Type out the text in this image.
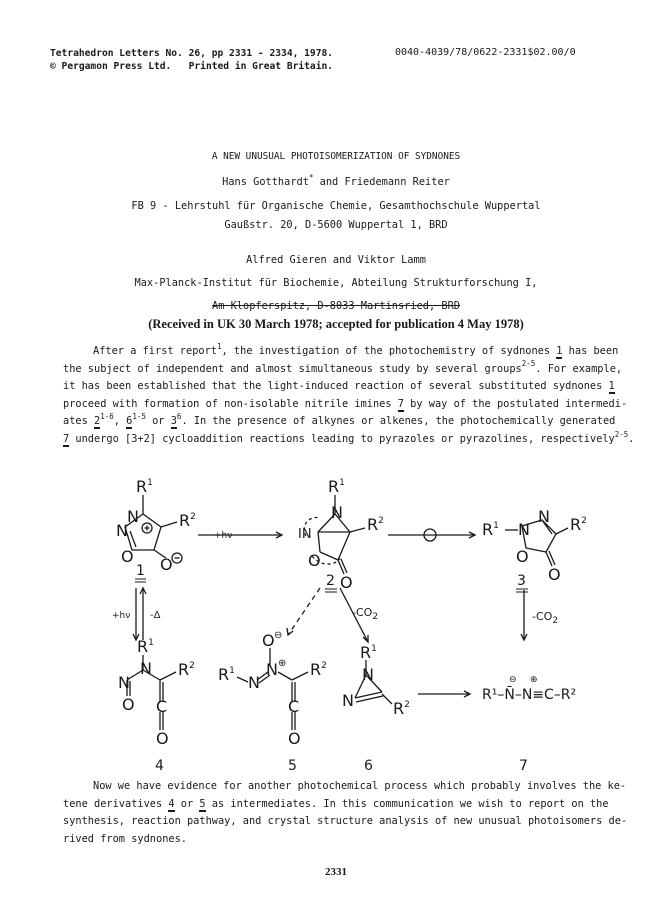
Tetrahedron Letters No. 26, pp 2331 - 2334, 1978.
© Pergamon Press Ltd. Printed in Great Britain.
0040-4039/78/0622-2331$02.00/0
A NEW UNUSUAL PHOTOISOMERIZATION OF SYDNONES
Hans Gotthardt* and Friedemann Reiter
FB 9 - Lehrstuhl für Organische Chemie, Gesamthochschule Wuppertal
Gaußstr. 20, D-5600 Wuppertal 1, BRD
Alfred Gieren and Viktor Lamm
Max-Planck-Institut für Biochemie, Abteilung Strukturforschung I,
Am Klopferspitz, D-8033 Martinsried, BRD
(Received in UK 30 March 1978; accepted for publication 4 May 1978)
After a first report$^1$, the investigation of the photochemistry of sydnones 1 has been
the subject of independent and almost simultaneous study by several groups$^{2-5}$. For example,
it has been established that the light-induced reaction of several substituted sydnones 1
proceed with formation of non-isolable nitrile imines 7 by way of the postulated intermedi-
ates 2$^{1-6}$, 6$^{1-5}$ or $3^6$. In the presence of alkynes or alkenes, the photochemically generated
7 undergo [3+2] cycloaddition reactions leading to pyrazoles or pyrazolines, respectively$^{2-5}$.
$R^1$
N
N
$R^2$
O O
+hν
$R^1$
N
IN
$R^2$
O
O
$R^1$ N
N $R^2$
O
O
1
2	3
+hν -Δ	$-CO_2$	$-CO_2$
$R^1$
N
N
O
$R^2$
C
O
4
$R^1$
N
N
O ⊖
⊕ $R^2$
C
O
5
$R^1$
N
N $R^2$
6
R¹–N̄–N≡C–R²
⊖ ⊕
7
Now we have evidence for another photochemical process which probably involves the ke-
tene derivatives 4 or 5 as intermediates. In this communication we wish to report on the
synthesis, reaction pathway, and crystal structure analysis of new unusual photoisomers de-
rived from sydnones.
2331
